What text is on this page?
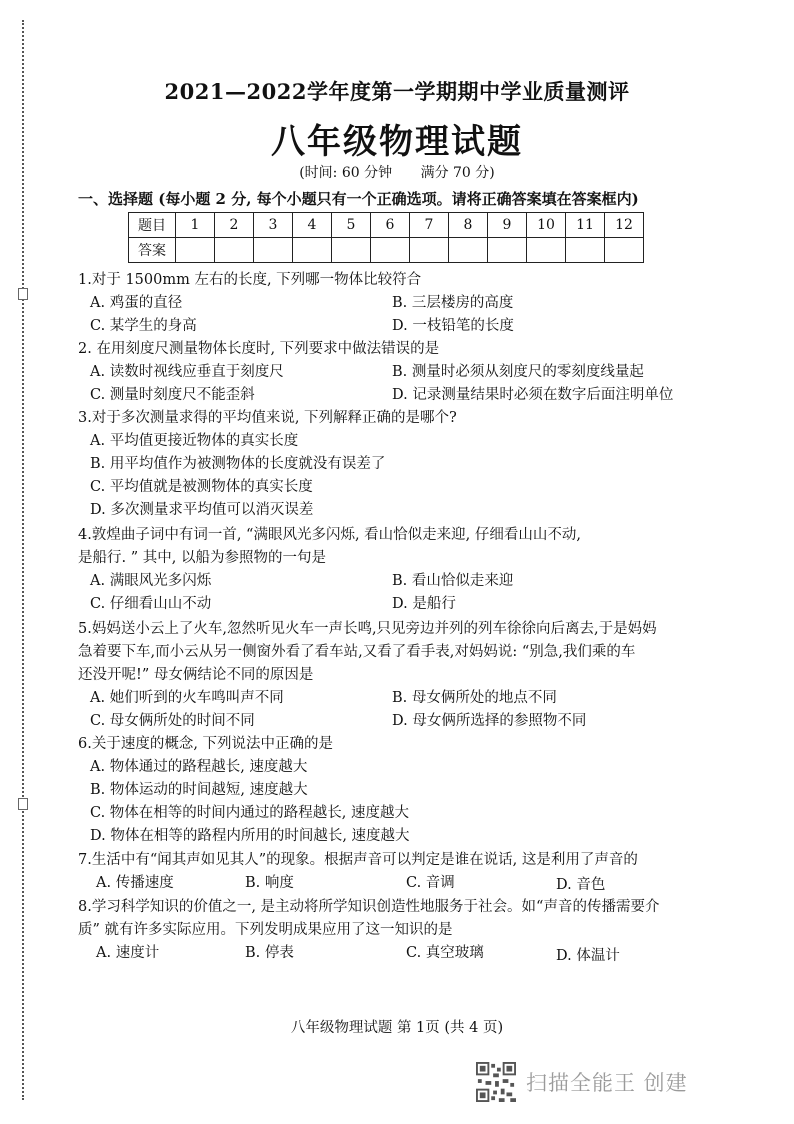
2021—2022学年度第一学期期中学业质量测评
八年级物理试题
(时间: 60 分钟 满分 70 分)
一、选择题 (每小题 2 分, 每个小题只有一个正确选项。请将正确答案填在答案框内)
题目	1	2	3	4	5	6	7	8	9	10	11	12
答案												
1.对于 1500mm 左右的长度, 下列哪一物体比较符合
A. 鸡蛋的直径	B. 三层楼房的高度
C. 某学生的身高	D. 一枝铅笔的长度
2. 在用刻度尺测量物体长度时, 下列要求中做法错误的是
A. 读数时视线应垂直于刻度尺	B. 测量时必须从刻度尺的零刻度线量起
C. 测量时刻度尺不能歪斜	D. 记录测量结果时必须在数字后面注明单位
3.对于多次测量求得的平均值来说, 下列解释正确的是哪个?
A. 平均值更接近物体的真实长度
B. 用平均值作为被测物体的长度就没有误差了
C. 平均值就是被测物体的真实长度
D. 多次测量求平均值可以消灭误差
4.敦煌曲子词中有词一首, “满眼风光多闪烁, 看山恰似走来迎, 仔细看山山不动,
是船行. ” 其中, 以船为参照物的一句是
A. 满眼风光多闪烁	B. 看山恰似走来迎
C. 仔细看山山不动	D. 是船行
5.妈妈送小云上了火车,忽然听见火车一声长鸣,只见旁边并列的列车徐徐向后离去,于是妈妈
急着要下车,而小云从另一侧窗外看了看车站,又看了看手表,对妈妈说: “别急,我们乘的车
还没开呢!” 母女俩结论不同的原因是
A. 她们听到的火车鸣叫声不同	B. 母女俩所处的地点不同
C. 母女俩所处的时间不同	D. 母女俩所选择的参照物不同
6.关于速度的概念, 下列说法中正确的是
A. 物体通过的路程越长, 速度越大
B. 物体运动的时间越短, 速度越大
C. 物体在相等的时间内通过的路程越长, 速度越大
D. 物体在相等的路程内所用的时间越长, 速度越大
7.生活中有“闻其声如见其人”的现象。根据声音可以判定是谁在说话, 这是利用了声音的
A. 传播速度	B. 响度	C. 音调	D. 音色
8.学习科学知识的价值之一, 是主动将所学知识创造性地服务于社会。如“声音的传播需要介
质” 就有许多实际应用。下列发明成果应用了这一知识的是
A. 速度计	B. 停表	C. 真空玻璃	D. 体温计
八年级物理试题 第 1页 (共 4 页)
扫描全能王 创建
